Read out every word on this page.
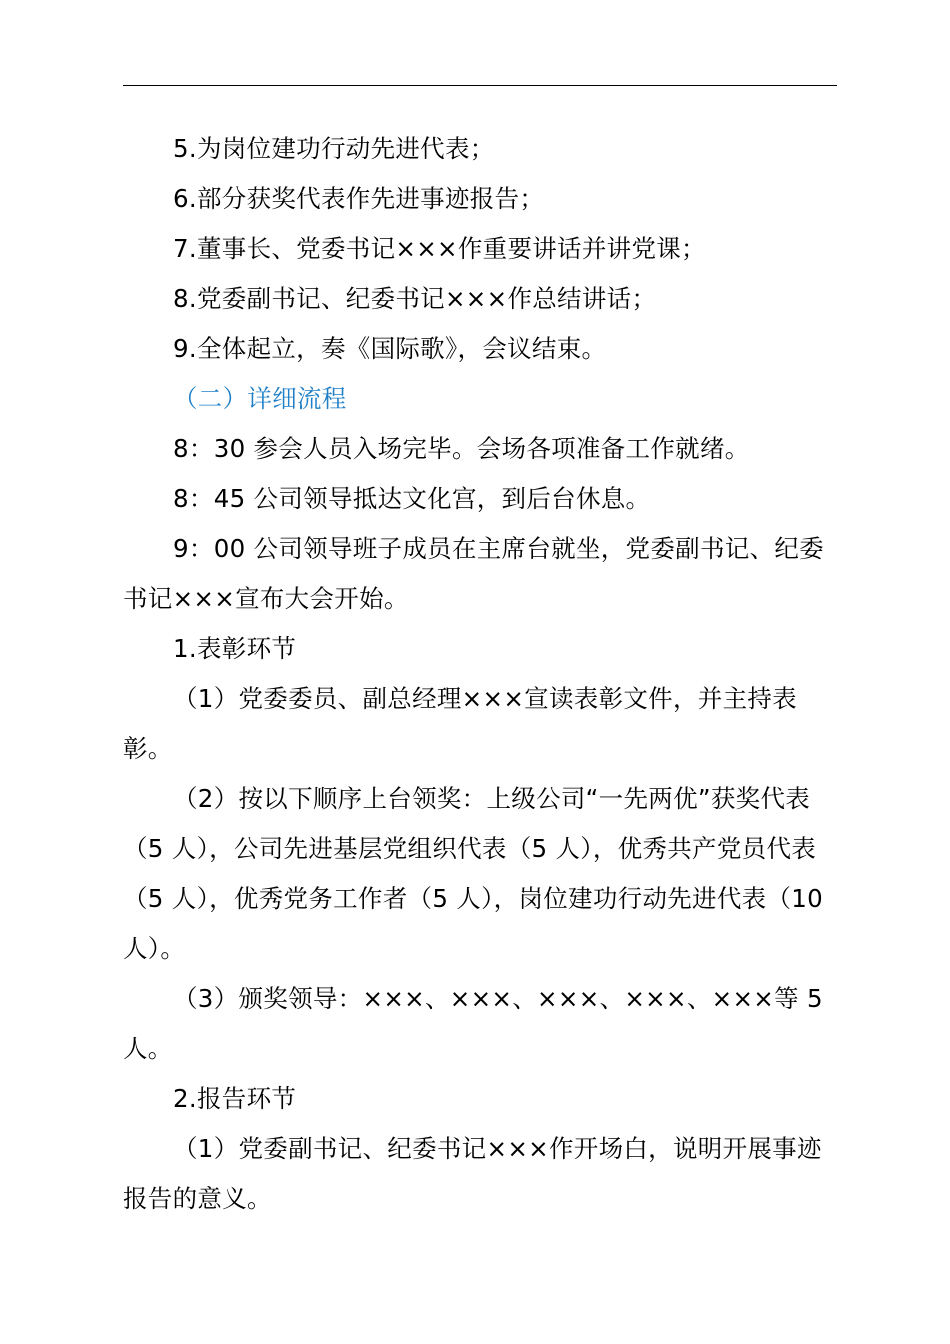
5.为岗位建功行动先进代表；

6.部分获奖代表作先进事迹报告；

7.董事长、党委书记×××作重要讲话并讲党课；

8.党委副书记、纪委书记×××作总结讲话；

9.全体起立，奏《国际歌》，会议结束。

（二）详细流程

8：30 参会人员入场完毕。会场各项准备工作就绪。

8：45 公司领导抵达文化宫，到后台休息。

9：00 公司领导班子成员在主席台就坐，党委副书记、纪委书记×××宣布大会开始。

1.表彰环节

（1）党委委员、副总经理×××宣读表彰文件，并主持表彰。

（2）按以下顺序上台领奖：上级公司“一先两优”获奖代表（5 人），公司先进基层党组织代表（5 人），优秀共产党员代表（5 人），优秀党务工作者（5 人），岗位建功行动先进代表（10 人）。

（3）颁奖领导：×××、×××、×××、×××、×××等 5 人。

2.报告环节

（1）党委副书记、纪委书记×××作开场白，说明开展事迹报告的意义。
